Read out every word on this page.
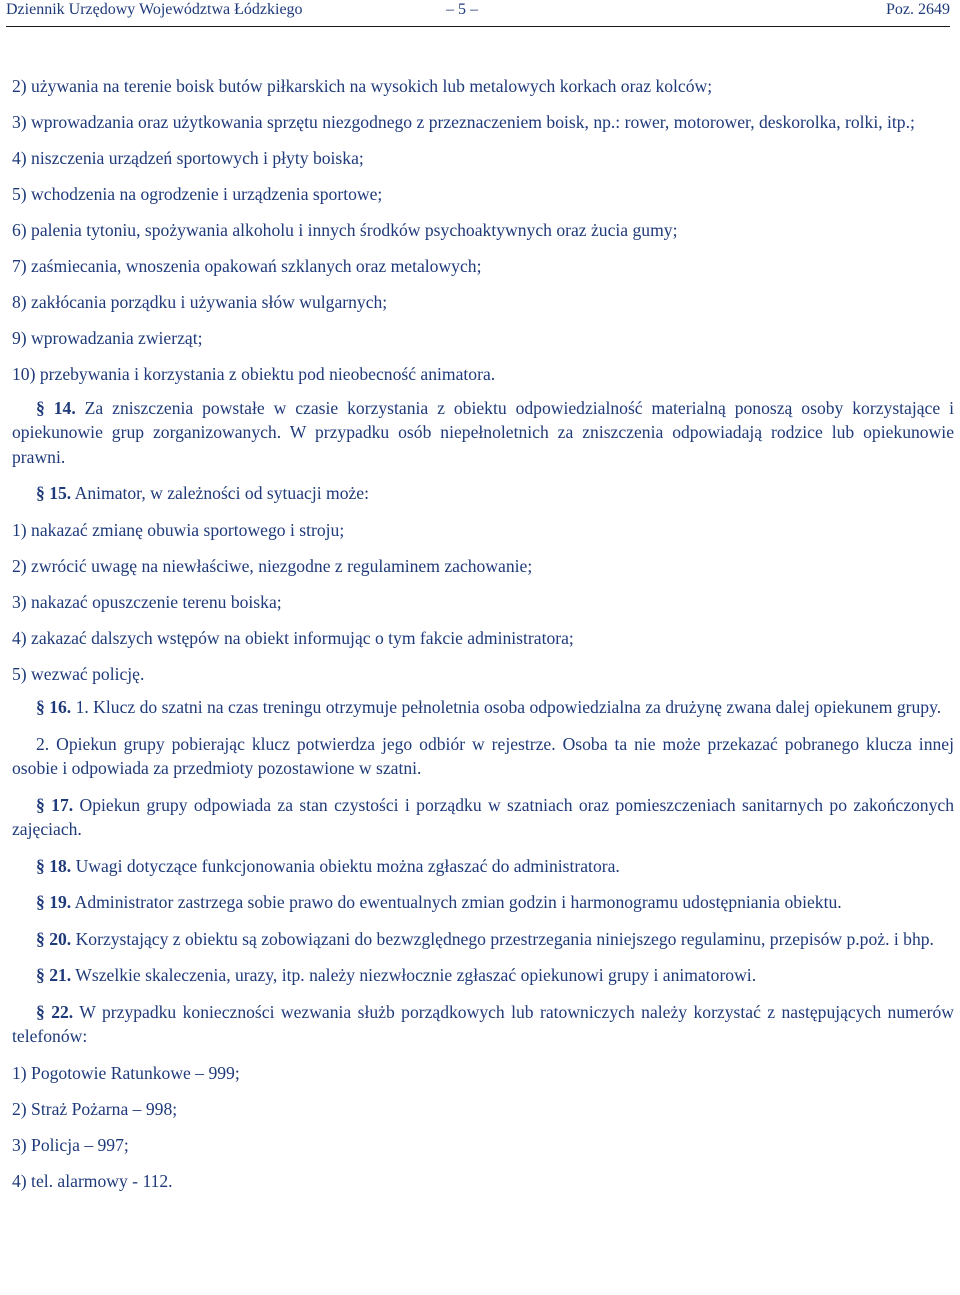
Dziennik Urzędowy Województwa Łódzkiego	– 5 –	Poz. 2649

2) używania na terenie boisk butów piłkarskich na wysokich lub metalowych korkach oraz kolców;

3) wprowadzania oraz użytkowania sprzętu niezgodnego z przeznaczeniem boisk, np.: rower, motorower, deskorolka, rolki, itp.;

4) niszczenia urządzeń sportowych i płyty boiska;

5) wchodzenia na ogrodzenie i urządzenia sportowe;

6) palenia tytoniu, spożywania alkoholu i innych środków psychoaktywnych oraz żucia gumy;

7) zaśmiecania, wnoszenia opakowań szklanych oraz metalowych;

8) zakłócania porządku i używania słów wulgarnych;

9) wprowadzania zwierząt;

10) przebywania i korzystania z obiektu pod nieobecność animatora.

§ 14. Za zniszczenia powstałe w czasie korzystania z obiektu odpowiedzialność materialną ponoszą osoby korzystające i opiekunowie grup zorganizowanych. W przypadku osób niepełnoletnich za zniszczenia odpowiadają rodzice lub opiekunowie prawni.

§ 15. Animator, w zależności od sytuacji może:

1) nakazać zmianę obuwia sportowego i stroju;

2) zwrócić uwagę na niewłaściwe, niezgodne z regulaminem zachowanie;

3) nakazać opuszczenie terenu boiska;

4) zakazać dalszych wstępów na obiekt informując o tym fakcie administratora;

5) wezwać policję.

§ 16. 1. Klucz do szatni na czas treningu otrzymuje pełnoletnia osoba odpowiedzialna za drużynę zwana dalej opiekunem grupy.

2. Opiekun grupy pobierając klucz potwierdza jego odbiór w rejestrze. Osoba ta nie może przekazać pobranego klucza innej osobie i odpowiada za przedmioty pozostawione w szatni.

§ 17. Opiekun grupy odpowiada za stan czystości i porządku w szatniach oraz pomieszczeniach sanitarnych po zakończonych zajęciach.

§ 18. Uwagi dotyczące funkcjonowania obiektu można zgłaszać do administratora.

§ 19. Administrator zastrzega sobie prawo do ewentualnych zmian godzin i harmonogramu udostępniania obiektu.

§ 20. Korzystający z obiektu są zobowiązani do bezwzględnego przestrzegania niniejszego regulaminu, przepisów p.poż. i bhp.

§ 21. Wszelkie skaleczenia, urazy, itp. należy niezwłocznie zgłaszać opiekunowi grupy i animatorowi.

§ 22. W przypadku konieczności wezwania służb porządkowych lub ratowniczych należy korzystać z następujących numerów telefonów:

1) Pogotowie Ratunkowe – 999;

2) Straż Pożarna – 998;

3) Policja – 997;

4) tel. alarmowy - 112.
